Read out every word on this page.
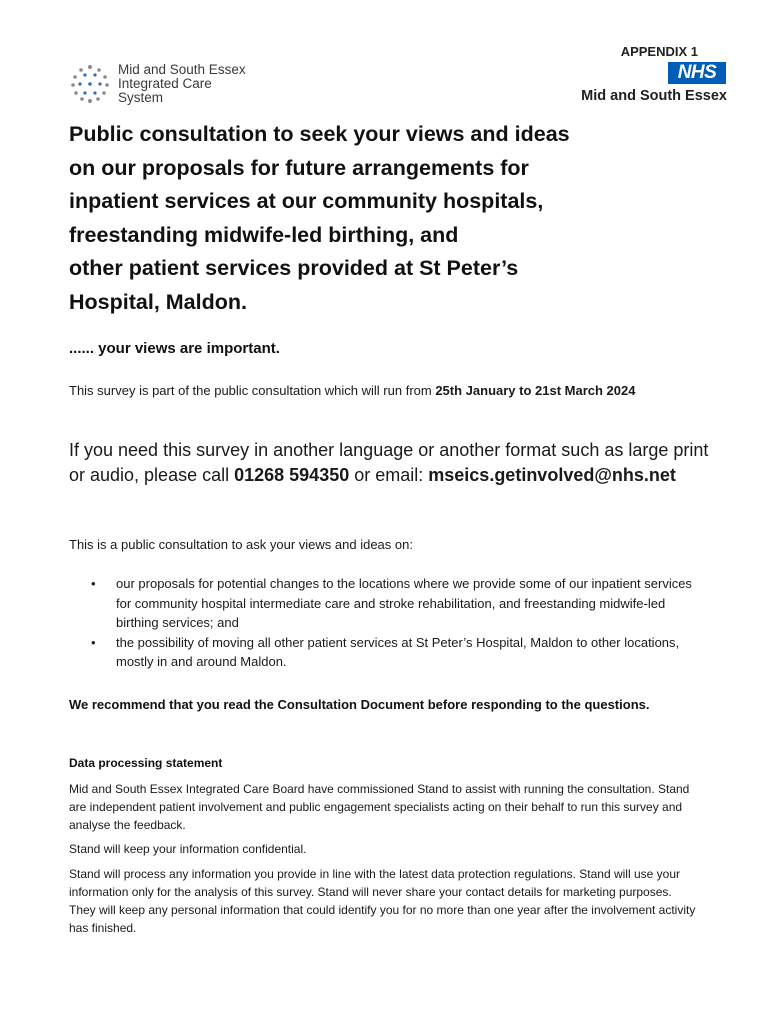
Mid and South Essex
Integrated Care
System
APPENDIX 1
NHS
Mid and South Essex
Public consultation to seek your views and ideas
on our proposals for future arrangements for
inpatient services at our community hospitals,
freestanding midwife-led birthing, and
other patient services provided at St Peter’s
Hospital, Maldon.

...... your views are important.

This survey is part of the public consultation which will run from 25th January to 21st March 2024

If you need this survey in another language or another format such as large print or audio, please call 01268 594350 or email: mseics.getinvolved@nhs.net

This is a public consultation to ask your views and ideas on:

• our proposals for potential changes to the locations where we provide some of our inpatient services for community hospital intermediate care and stroke rehabilitation, and freestanding midwife-led birthing services; and
• the possibility of moving all other patient services at St Peter’s Hospital, Maldon to other locations, mostly in and around Maldon.

We recommend that you read the Consultation Document before responding to the questions.

Data processing statement

Mid and South Essex Integrated Care Board have commissioned Stand to assist with running the consultation. Stand are independent patient involvement and public engagement specialists acting on their behalf to run this survey and analyse the feedback.

Stand will keep your information confidential.

Stand will process any information you provide in line with the latest data protection regulations. Stand will use your information only for the analysis of this survey. Stand will never share your contact details for marketing purposes. They will keep any personal information that could identify you for no more than one year after the involvement activity has finished.
